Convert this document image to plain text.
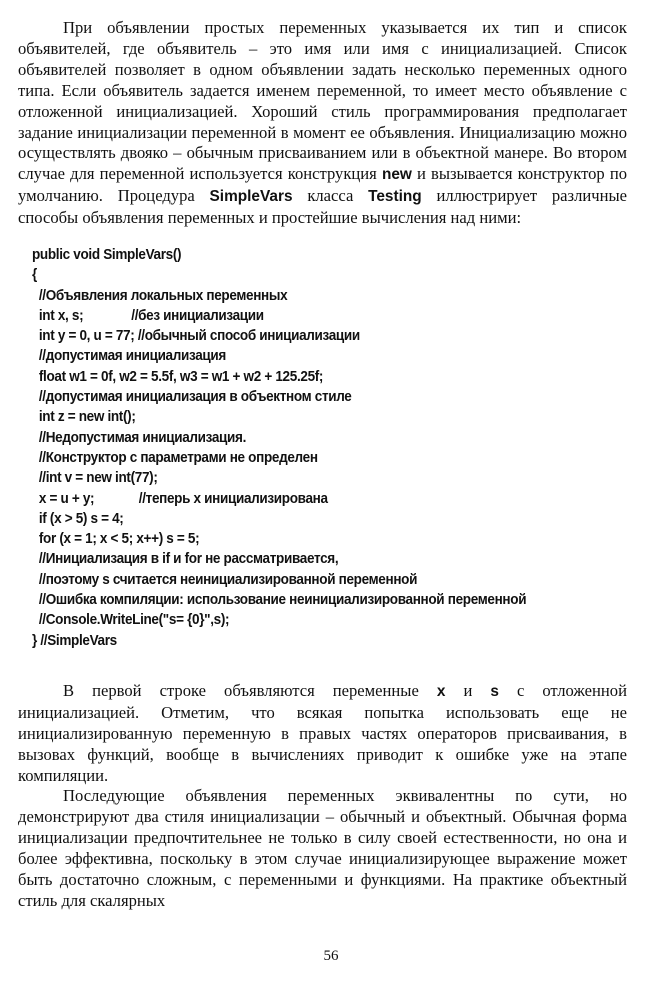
При объявлении простых переменных указывается их тип и список объявителей, где объявитель – это имя или имя с инициализацией. Список объявителей позволяет в одном объявлении задать несколько переменных одного типа. Если объявитель задается именем переменной, то имеет место объявление с отложенной инициализацией. Хороший стиль программирования предполагает задание инициализации переменной в момент ее объявления. Инициализацию можно осуществлять двояко – обычным присваиванием или в объектной манере. Во втором случае для переменной используется конструкция new и вызывается конструктор по умолчанию. Процедура SimpleVars класса Testing иллюстрирует различные способы объявления переменных и простейшие вычисления над ними:

public void SimpleVars()
{
//Объявления локальных переменных
int x, s;              //без инициализации
int y = 0, u = 77; //обычный способ инициализации
//допустимая инициализация
float w1 = 0f, w2 = 5.5f, w3 = w1 + w2 + 125.25f;
//допустимая инициализация в объектном стиле
int z = new int();
//Недопустимая инициализация.
//Конструктор с параметрами не определен
//int v = new int(77);
x = u + y;             //теперь x инициализирована
if (x > 5) s = 4;
for (x = 1; x < 5; x++) s = 5;
//Инициализация в if и for не рассматривается,
//поэтому s считается неинициализированной переменной
//Ошибка компиляции: использование неинициализированной переменной
//Console.WriteLine("s= {0}",s);
} //SimpleVars

В первой строке объявляются переменные x и s с отложенной инициализацией. Отметим, что всякая попытка использовать еще не инициализированную переменную в правых частях операторов присваивания, в вызовах функций, вообще в вычислениях приводит к ошибке уже на этапе компиляции.

Последующие объявления переменных эквивалентны по сути, но демонстрируют два стиля инициализации – обычный и объектный. Обычная форма инициализации предпочтительнее не только в силу своей естественности, но она и более эффективна, поскольку в этом случае инициализирующее выражение может быть достаточно сложным, с переменными и функциями. На практике объектный стиль для скалярных

56
